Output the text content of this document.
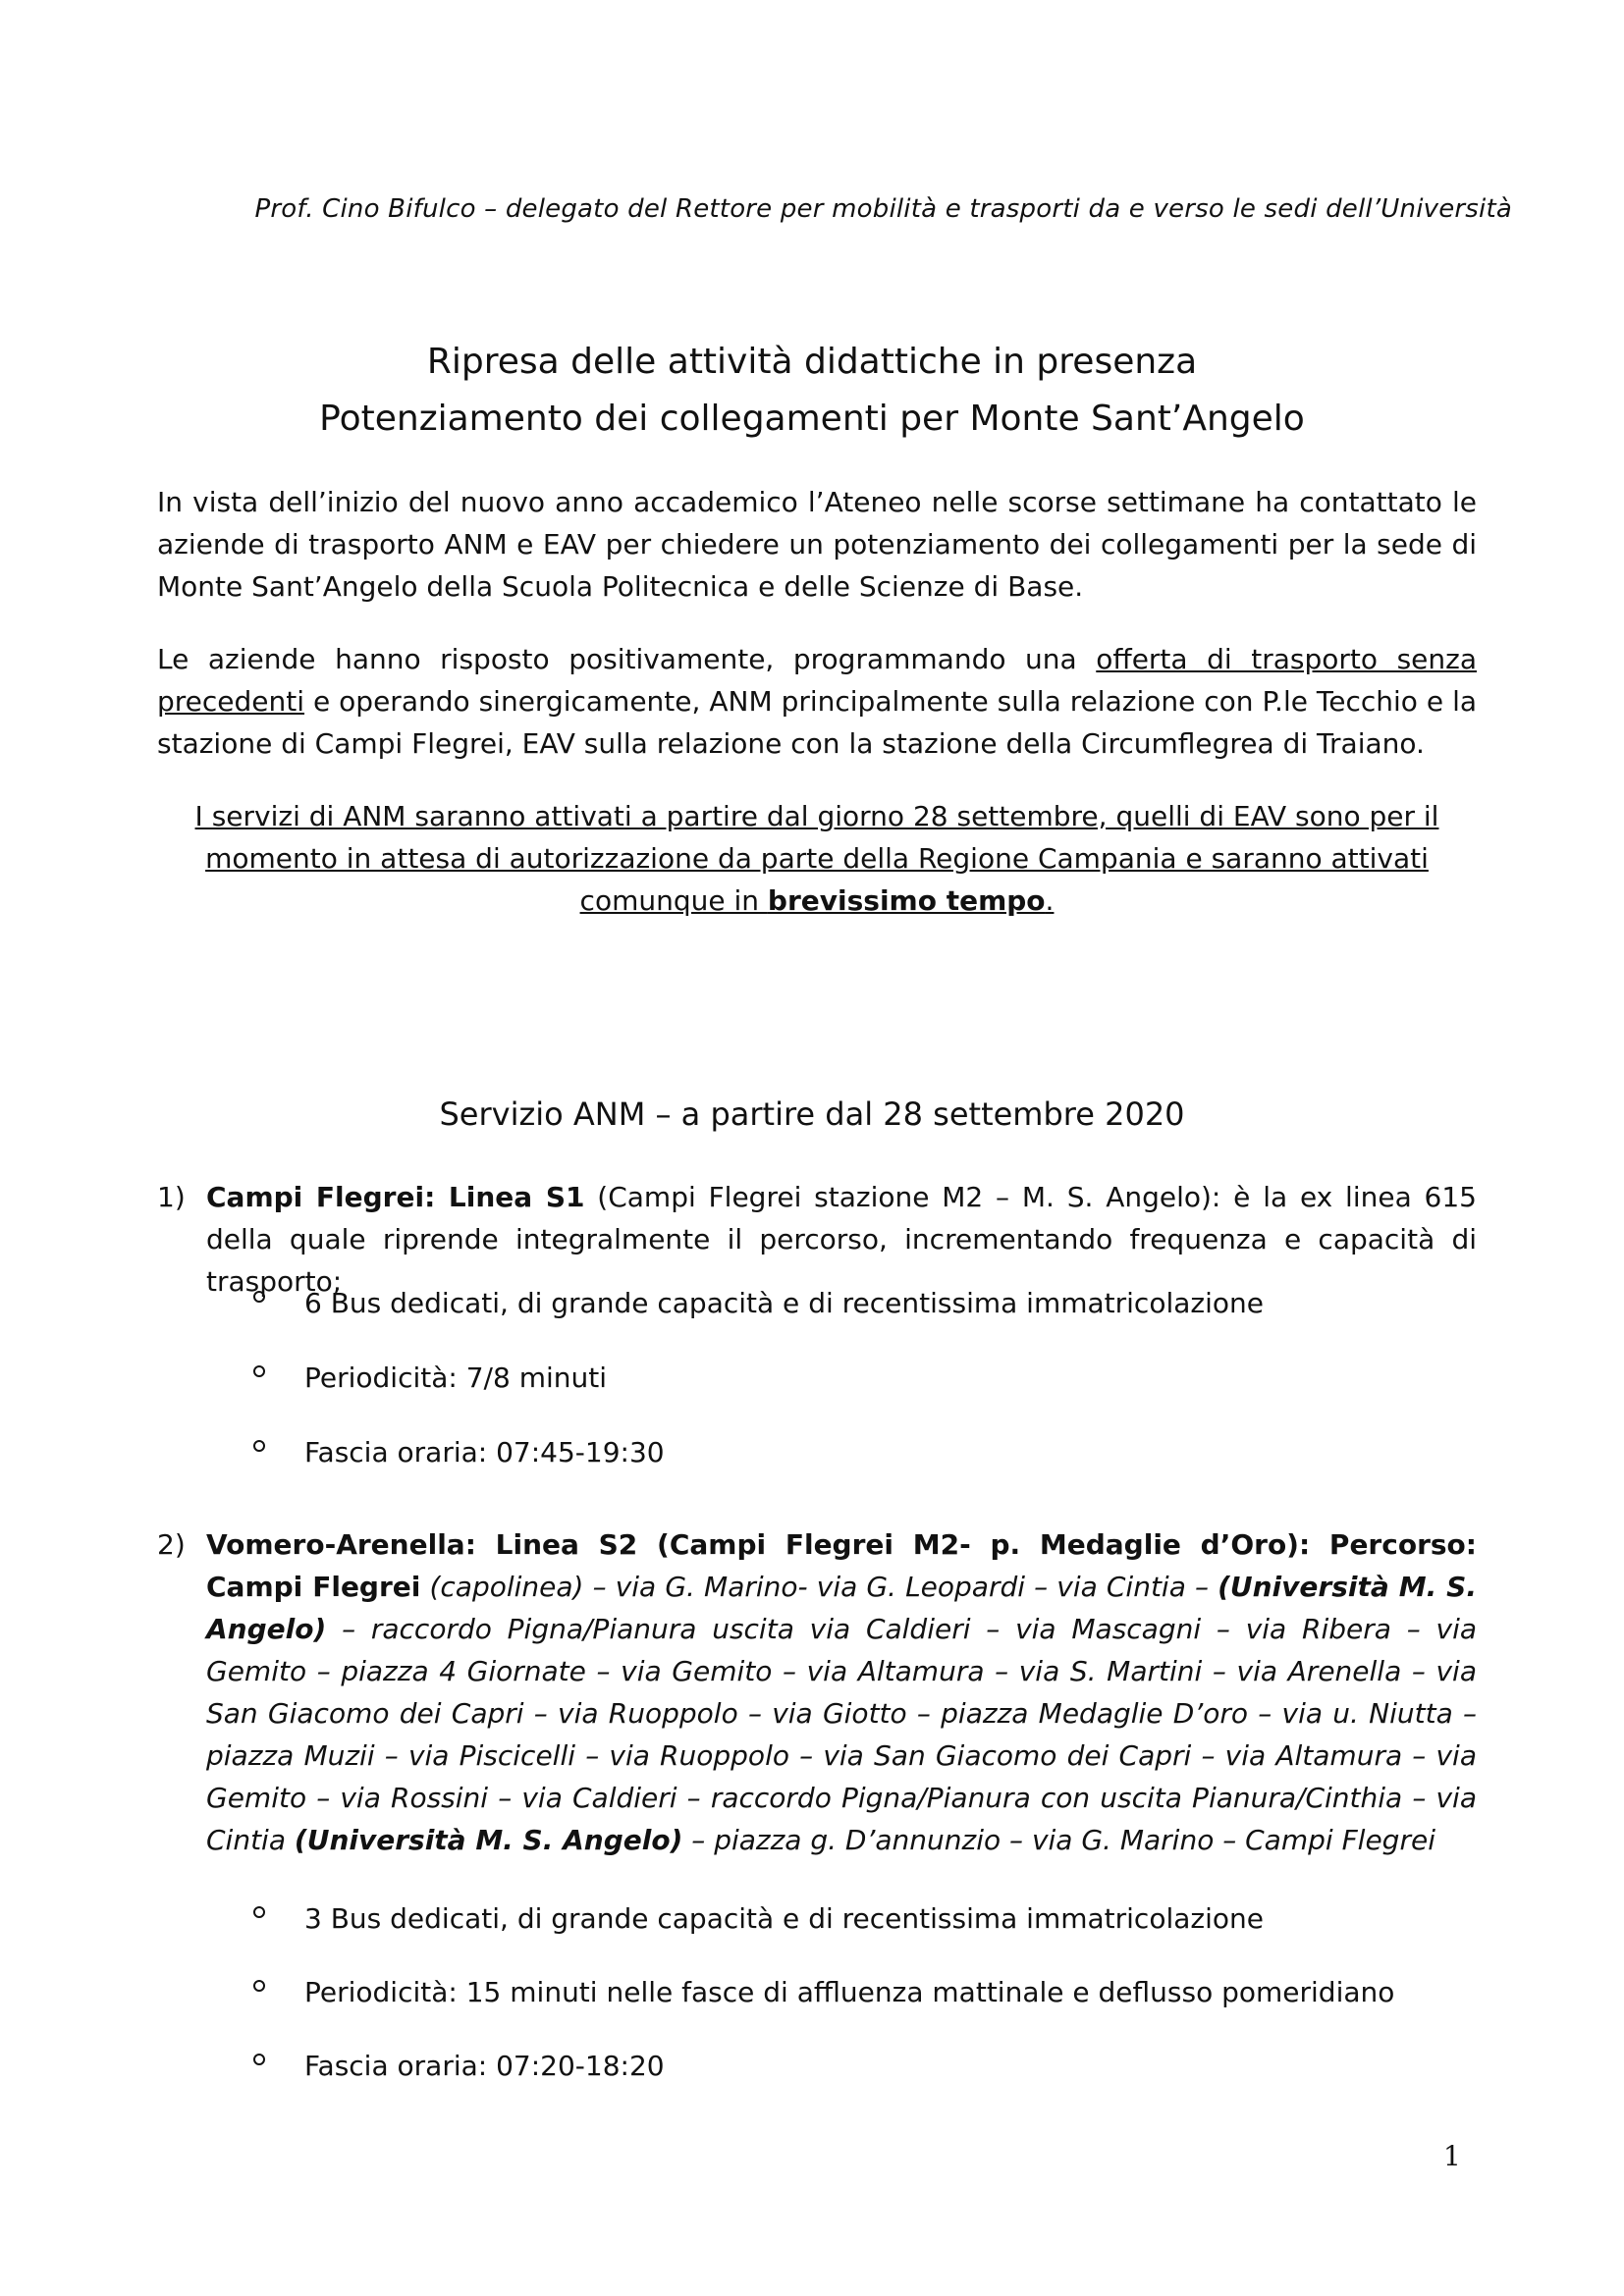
Prof. Cino Bifulco – delegato del Rettore per mobilità e trasporti da e verso le sedi dell’Università
Ripresa delle attività didattiche in presenza
Potenziamento dei collegamenti per Monte Sant’Angelo
In vista dell’inizio del nuovo anno accademico l’Ateneo nelle scorse settimane ha contattato le aziende di trasporto ANM e EAV per chiedere un potenziamento dei collegamenti per la sede di Monte Sant’Angelo della Scuola Politecnica e delle Scienze di Base.
Le aziende hanno risposto positivamente, programmando una offerta di trasporto senza precedenti e operando sinergicamente, ANM principalmente sulla relazione con P.le Tecchio e la stazione di Campi Flegrei, EAV sulla relazione con la stazione della Circumflegrea di Traiano.
I servizi di ANM saranno attivati a partire dal giorno 28 settembre, quelli di EAV sono per il momento in attesa di autorizzazione da parte della Regione Campania e saranno attivati comunque in brevissimo tempo.
Servizio ANM – a partire dal 28 settembre 2020
1) Campi Flegrei: Linea S1 (Campi Flegrei stazione M2 – M. S. Angelo): è la ex linea 615 della quale riprende integralmente il percorso, incrementando frequenza e capacità di trasporto;
6 Bus dedicati, di grande capacità e di recentissima immatricolazione
Periodicità: 7/8 minuti
Fascia oraria: 07:45-19:30
2) Vomero-Arenella: Linea S2 (Campi Flegrei M2- p. Medaglie d’Oro): Percorso: Campi Flegrei (capolinea) – via G. Marino- via G. Leopardi – via Cintia – (Università M. S. Angelo) – raccordo Pigna/Pianura uscita via Caldieri – via Mascagni – via Ribera – via Gemito – piazza 4 Giornate – via Gemito – via Altamura – via S. Martini – via Arenella – via San Giacomo dei Capri – via Ruoppolo – via Giotto – piazza Medaglie D’oro – via u. Niutta – piazza Muzii – via Piscicelli – via Ruoppolo – via San Giacomo dei Capri – via Altamura – via Gemito – via Rossini – via Caldieri – raccordo Pigna/Pianura con uscita Pianura/Cinthia – via Cintia (Università M. S. Angelo) – piazza g. D’annunzio – via G. Marino – Campi Flegrei
3 Bus dedicati, di grande capacità e di recentissima immatricolazione
Periodicità: 15 minuti nelle fasce di affluenza mattinale e deflusso pomeridiano
Fascia oraria: 07:20-18:20
1
